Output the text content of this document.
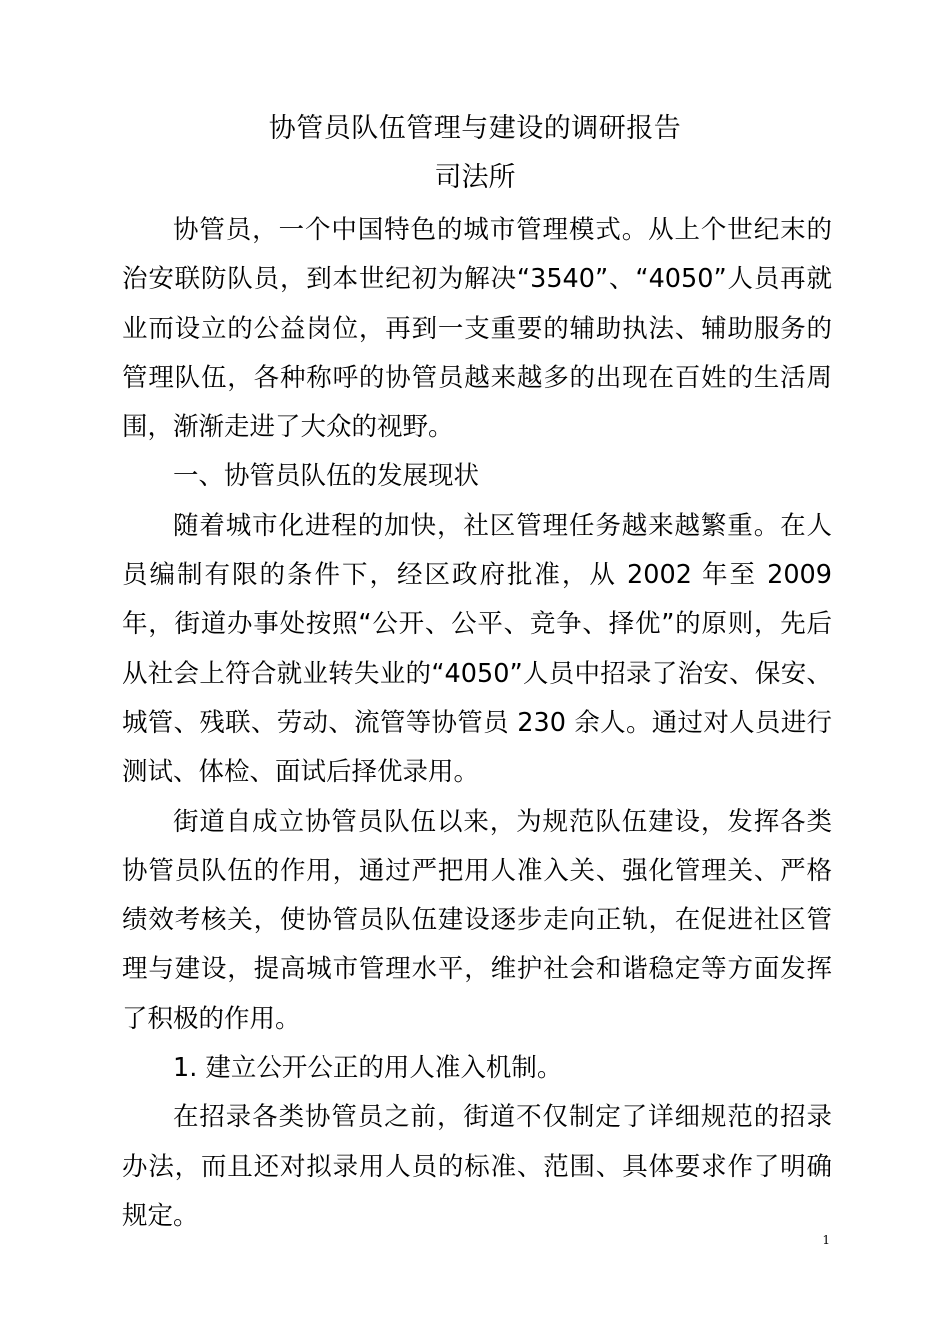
协管员队伍管理与建设的调研报告
司法所

协管员，一个中国特色的城市管理模式。从上个世纪末的治安联防队员，到本世纪初为解决“3540”、“4050”人员再就业而设立的公益岗位，再到一支重要的辅助执法、辅助服务的管理队伍，各种称呼的协管员越来越多的出现在百姓的生活周围，渐渐走进了大众的视野。

一、协管员队伍的发展现状

随着城市化进程的加快，社区管理任务越来越繁重。在人员编制有限的条件下，经区政府批准，从 2002 年至 2009 年，街道办事处按照“公开、公平、竞争、择优”的原则，先后从社会上符合就业转失业的“4050”人员中招录了治安、保安、城管、残联、劳动、流管等协管员 230 余人。通过对人员进行测试、体检、面试后择优录用。

街道自成立协管员队伍以来，为规范队伍建设，发挥各类协管员队伍的作用，通过严把用人准入关、强化管理关、严格绩效考核关，使协管员队伍建设逐步走向正轨，在促进社区管理与建设，提高城市管理水平，维护社会和谐稳定等方面发挥了积极的作用。

1. 建立公开公正的用人准入机制。

在招录各类协管员之前，街道不仅制定了详细规范的招录办法，而且还对拟录用人员的标准、范围、具体要求作了明确规定。

1
